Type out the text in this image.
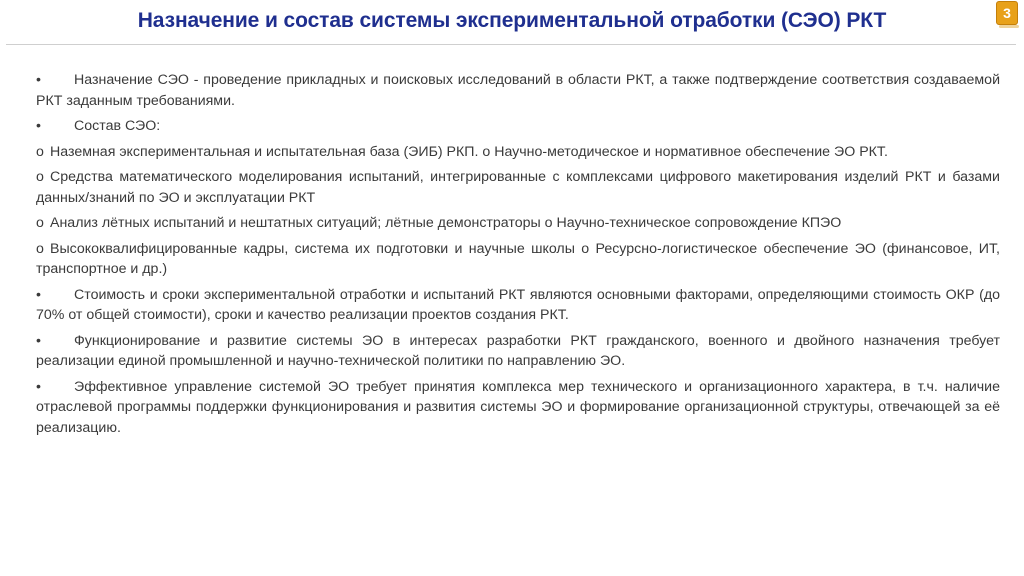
Назначение и состав системы экспериментальной отработки (СЭО) РКТ	3

• Назначение СЭО - проведение прикладных и поисковых исследований в области РКТ, а также подтверждение соответствия создаваемой РКТ заданным требованиями.

• Состав СЭО:

о Наземная экспериментальная и испытательная база (ЭИБ) РКП. о Научно-методическое и нормативное обеспечение ЭО РКТ.

о Средства математического моделирования испытаний, интегрированные с комплексами цифрового макетирования изделий РКТ и базами данных/знаний по ЭО и эксплуатации РКТ

о Анализ лётных испытаний и нештатных ситуаций; лётные демонстраторы о Научно-техническое сопровождение КПЭО

о Высококвалифицированные кадры, система их подготовки и научные школы о Ресурсно-логистическое обеспечение ЭО (финансовое, ИТ, транспортное и др.)

• Стоимость и сроки экспериментальной отработки и испытаний РКТ являются основными факторами, определяющими стоимость ОКР (до 70% от общей стоимости), сроки и качество реализации проектов создания РКТ.

• Функционирование и развитие системы ЭО в интересах разработки РКТ гражданского, военного и двойного назначения требует реализации единой промышленной и научно-технической политики по направлению ЭО.

• Эффективное управление системой ЭО требует принятия комплекса мер технического и организационного характера, в т.ч. наличие отраслевой программы поддержки функционирования и развития системы ЭО и формирование организационной структуры, отвечающей за её реализацию.
